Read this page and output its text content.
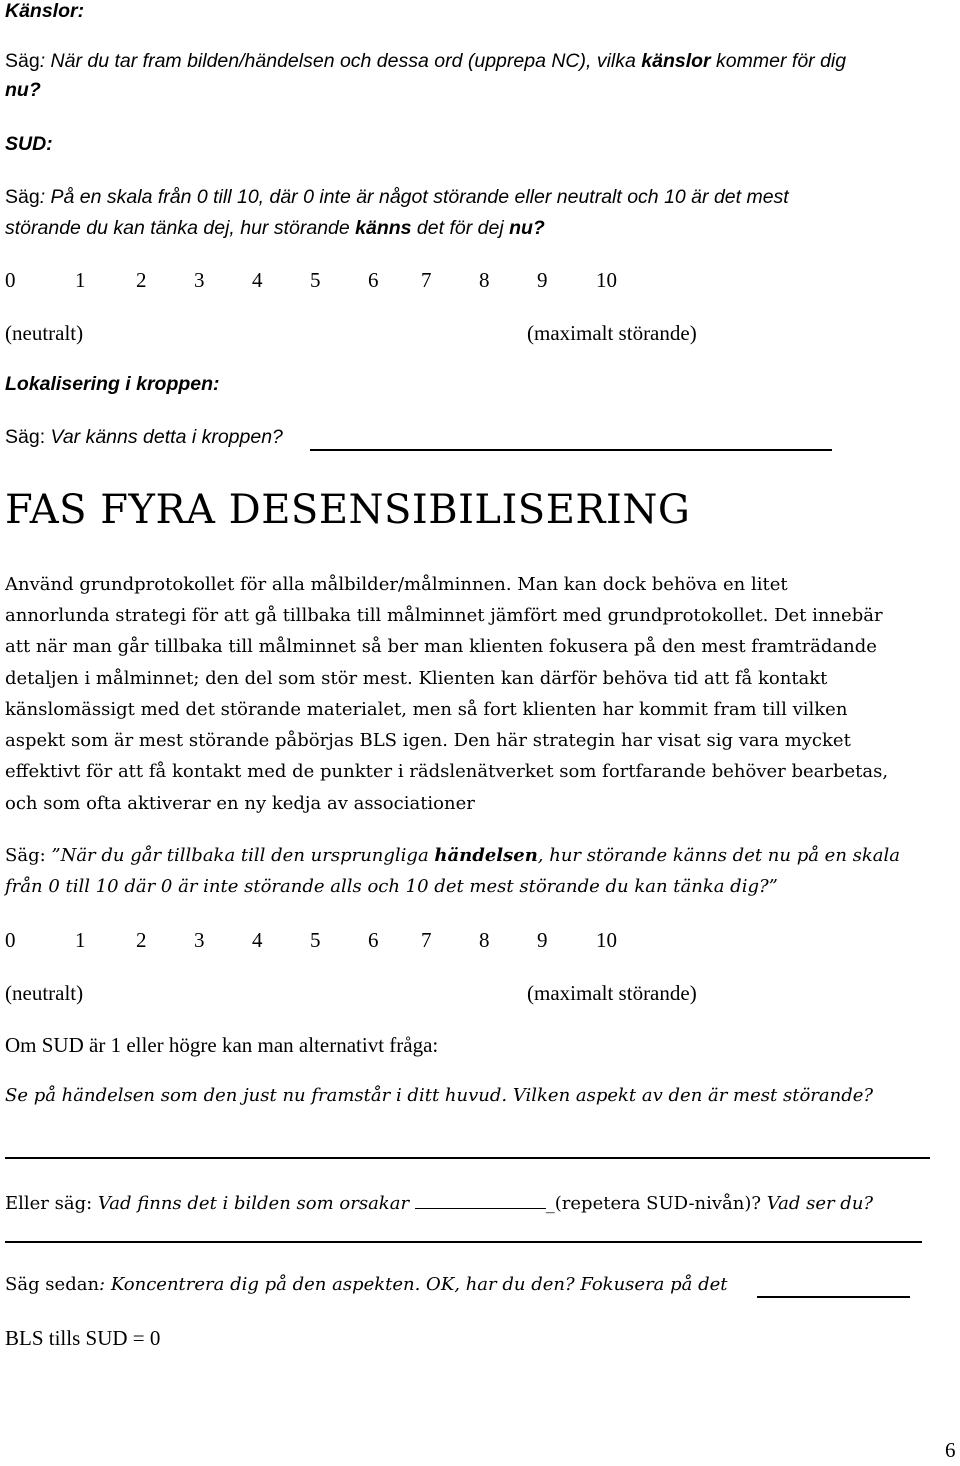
Känslor:
Säg: När du tar fram bilden/händelsen och dessa ord (upprepa NC), vilka känslor kommer för dig
nu?
SUD:
Säg: På en skala från 0 till 10, där 0 inte är något störande eller neutralt och 10 är det mest
störande du kan tänka dej, hur störande känns det för dej nu?
0	1 2 3 4 5 6 7 8 9 10
(neutralt)	(maximalt störande)
Lokalisering i kroppen:
Säg: Var känns detta i kroppen?
FAS FYRA DESENSIBILISERING
Använd grundprotokollet för alla målbilder/målminnen. Man kan dock behöva en litet
annorlunda strategi för att gå tillbaka till målminnet jämfört med grundprotokollet. Det innebär
att när man går tillbaka till målminnet så ber man klienten fokusera på den mest framträdande
detaljen i målminnet; den del som stör mest. Klienten kan därför behöva tid att få kontakt
känslomässigt med det störande materialet, men så fort klienten har kommit fram till vilken
aspekt som är mest störande påbörjas BLS igen. Den här strategin har visat sig vara mycket
effektivt för att få kontakt med de punkter i rädslenätverket som fortfarande behöver bearbetas,
och som ofta aktiverar en ny kedja av associationer
Säg: ”När du går tillbaka till den ursprungliga händelsen, hur störande känns det nu på en skala
från 0 till 10 där 0 är inte störande alls och 10 det mest störande du kan tänka dig?”
0	1 2 3 4 5 6 7 8 9 10
(neutralt)	(maximalt störande)
Om SUD är 1 eller högre kan man alternativt fråga:
Se på händelsen som den just nu framstår i ditt huvud. Vilken aspekt av den är mest störande?
Eller säg: Vad finns det i bilden som orsakar	_(repetera SUD-nivån)? Vad ser du?
Säg sedan: Koncentrera dig på den aspekten. OK, har du den? Fokusera på det
BLS tills SUD = 0
6
